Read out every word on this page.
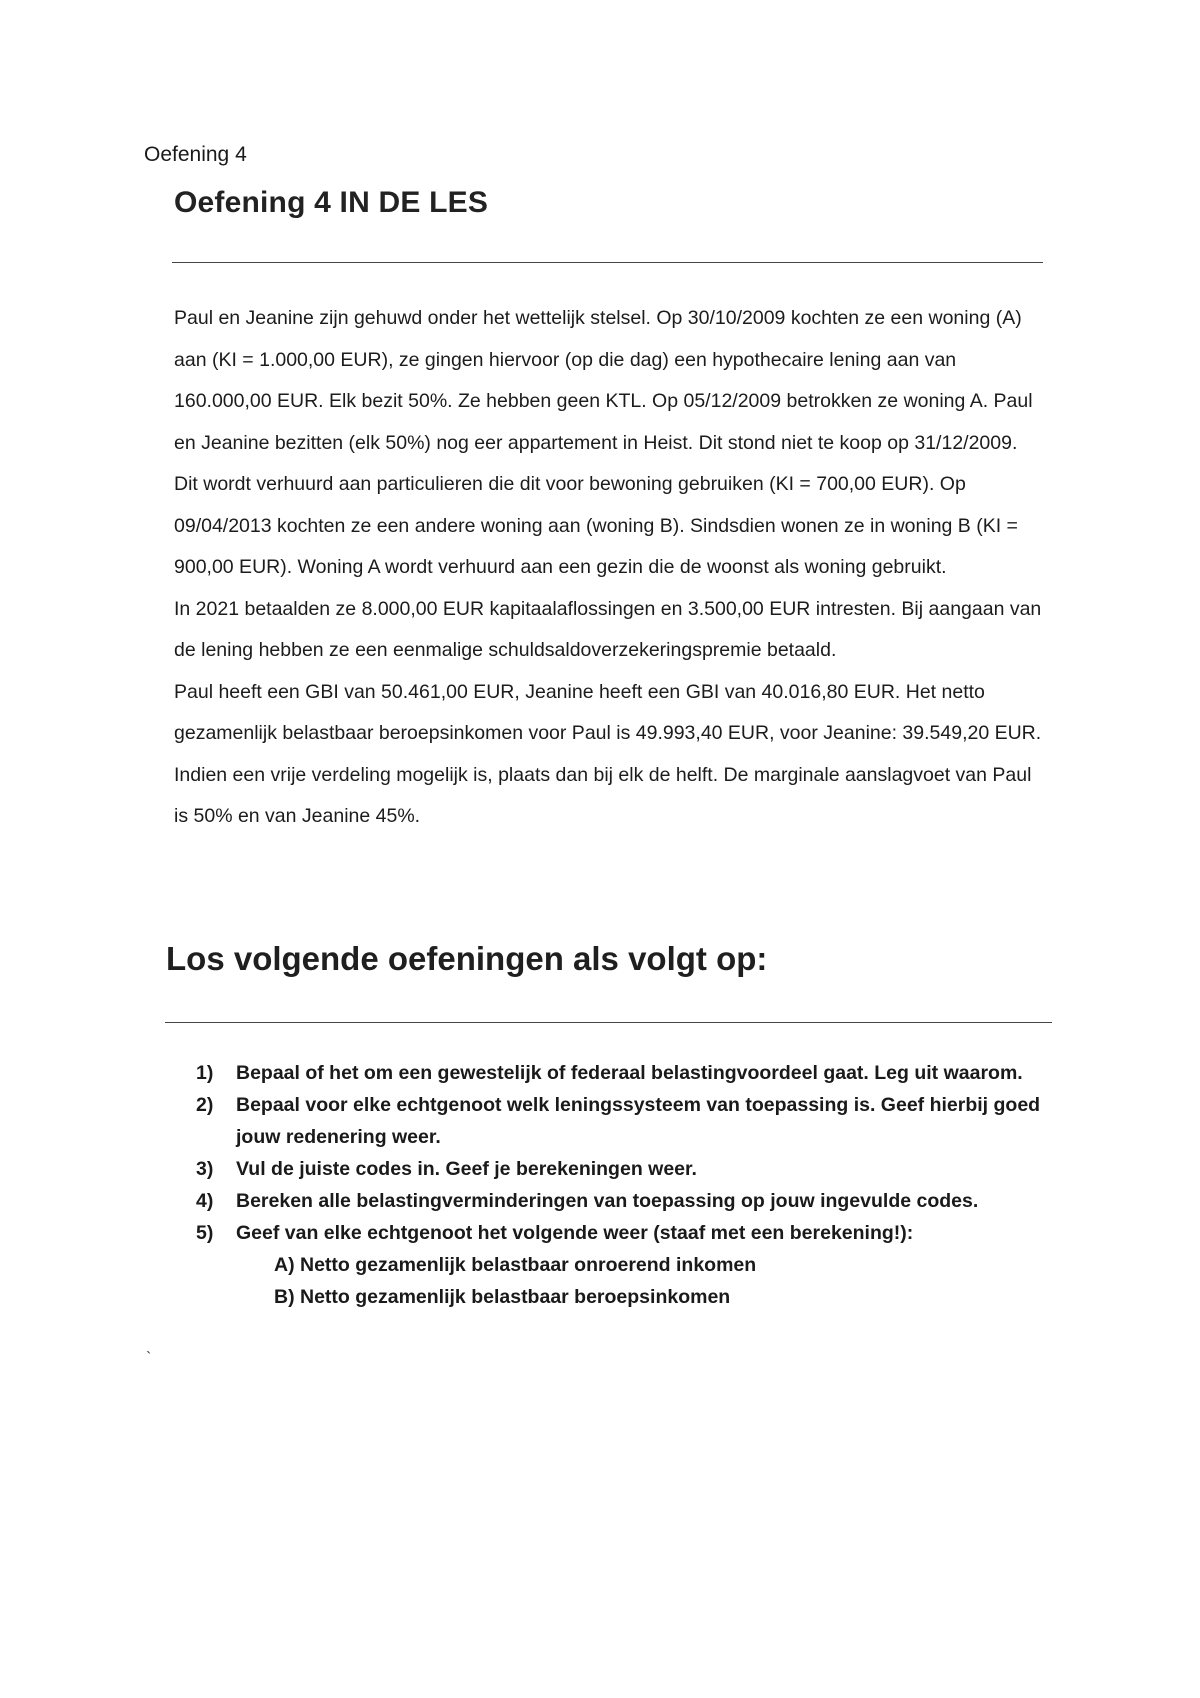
Oefening 4
Oefening 4 IN DE LES

Paul en Jeanine zijn gehuwd onder het wettelijk stelsel. Op 30/10/2009 kochten ze een woning (A) aan (KI = 1.000,00 EUR), ze gingen hiervoor (op die dag) een hypothecaire lening aan van 160.000,00 EUR. Elk bezit 50%. Ze hebben geen KTL. Op 05/12/2009 betrokken ze woning A. Paul en Jeanine bezitten (elk 50%) nog eer appartement in Heist. Dit stond niet te koop op 31/12/2009. Dit wordt verhuurd aan particulieren die dit voor bewoning gebruiken (KI = 700,00 EUR). Op 09/04/2013 kochten ze een andere woning aan (woning B). Sindsdien wonen ze in woning B (KI = 900,00 EUR). Woning A wordt verhuurd aan een gezin die de woonst als woning gebruikt.

In 2021 betaalden ze 8.000,00 EUR kapitaalaflossingen en 3.500,00 EUR intresten. Bij aangaan van de lening hebben ze een eenmalige schuldsaldoverzekeringspremie betaald.

Paul heeft een GBI van 50.461,00 EUR, Jeanine heeft een GBI van 40.016,80 EUR. Het netto gezamenlijk belastbaar beroepsinkomen voor Paul is 49.993,40 EUR, voor Jeanine: 39.549,20 EUR. Indien een vrije verdeling mogelijk is, plaats dan bij elk de helft. De marginale aanslagvoet van Paul is 50% en van Jeanine 45%.

Los volgende oefeningen als volgt op:
1)	Bepaal of het om een gewestelijk of federaal belastingvoordeel gaat. Leg uit waarom.
2)	Bepaal voor elke echtgenoot welk leningssysteem van toepassing is. Geef hierbij goed jouw redenering weer.
3)	Vul de juiste codes in. Geef je berekeningen weer.
4)	Bereken alle belastingverminderingen van toepassing op jouw ingevulde codes.
5)	Geef van elke echtgenoot het volgende weer (staaf met een berekening!):
A) Netto gezamenlijk belastbaar onroerend inkomen
B) Netto gezamenlijk belastbaar beroepsinkomen
`
